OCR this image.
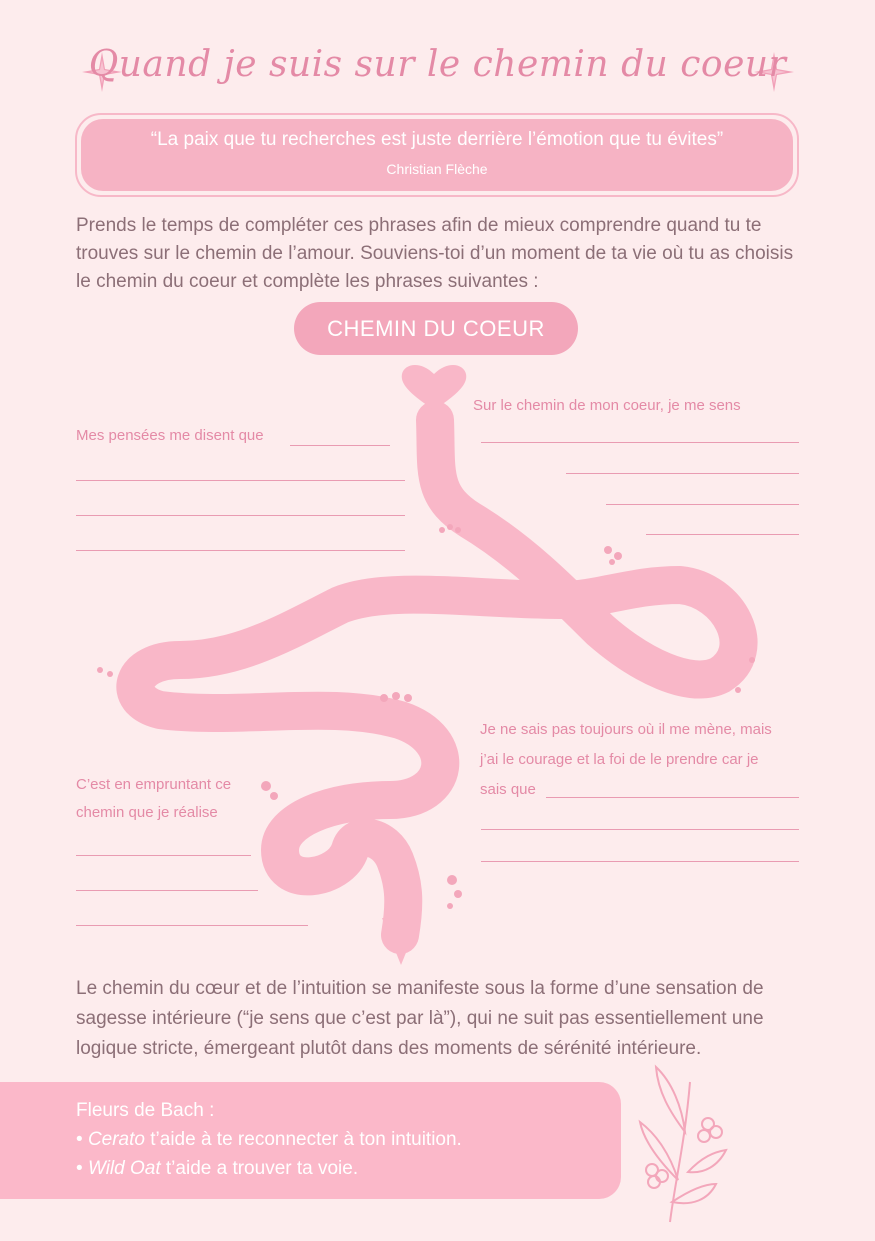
Quand je suis sur le chemin du coeur
“La paix que tu recherches est juste derrière l’émotion que tu évites”
Christian Flèche
Prends le temps de compléter ces phrases afin de mieux comprendre quand tu te trouves sur le chemin de l’amour. Souviens-toi d’un moment de ta vie où tu as choisis le chemin du coeur et complète les phrases suivantes :
CHEMIN DU COEUR
Sur le chemin de mon coeur, je me sens
Mes pensées me disent que
Je ne sais pas toujours où il me mène, mais
j’ai le courage et la foi de le prendre car je
sais que
C’est en empruntant ce
chemin que je réalise
Le chemin du cœur et de l’intuition se manifeste sous la forme d’une sensation de sagesse intérieure (“je sens que c’est par là”), qui ne suit pas essentiellement une logique stricte, émergeant plutôt dans des moments de sérénité intérieure.
Fleurs de Bach :
• Cerato t’aide à te reconnecter à ton intuition.
• Wild Oat t’aide a trouver ta voie.
